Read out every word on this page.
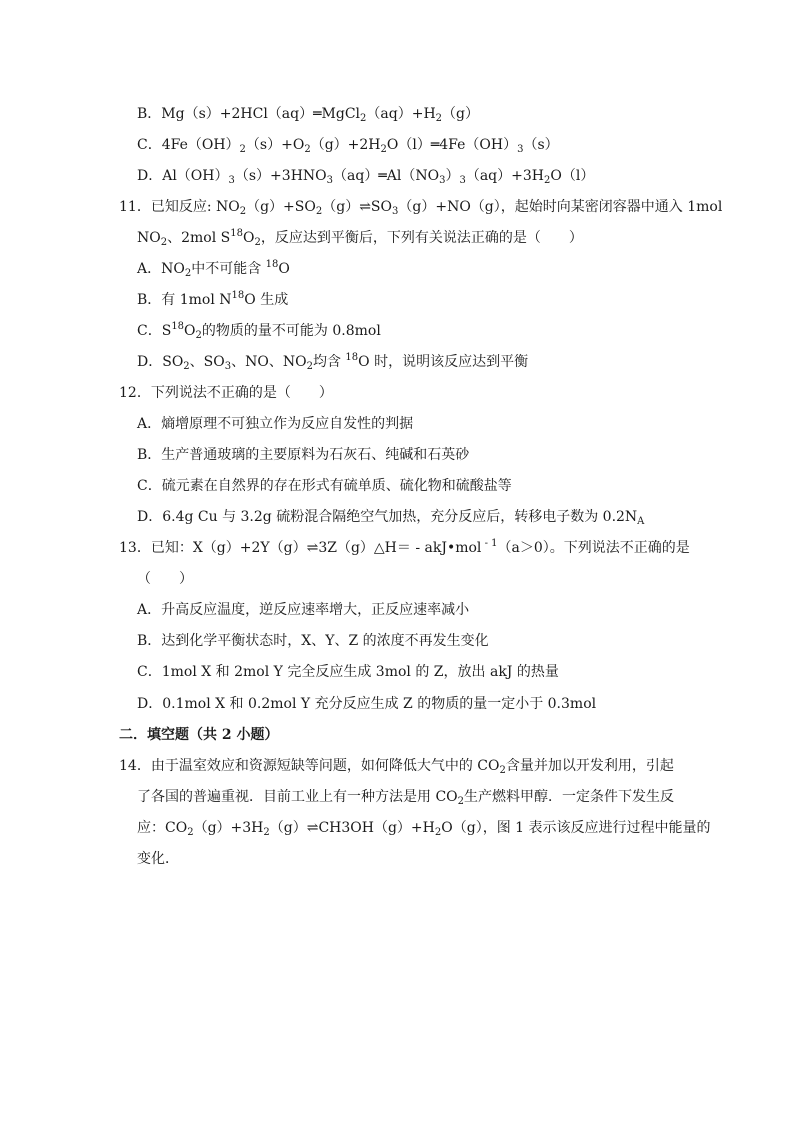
B．$Mg(s)+2HCl(aq)═MgCl_2(aq)+H_2(g)$
C．$4Fe(OH)_2(s)+O_2(g)+2H_2O(l)═4Fe(OH)_3(s)$
D．$Al(OH)_3(s)+3HNO_3(aq)═Al(NO_3)_3(aq)+3H_2O(l)$
11．已知反应: $NO_2(g)+SO_2(g)\rightleftharpoons SO_3(g)+NO(g)$，起始时向某密闭容器中通入 1mol
$NO_2$、2mol $S^{18}O_2$，反应达到平衡后，下列有关说法正确的是（　　）
A．$NO_2$中不可能含 $^{18}$O
B．有 1mol $N^{18}O$ 生成
C．$S^{18}O_2$的物质的量不可能为 0.8mol
D．$SO_2$、$SO_3$、NO、$NO_2$均含 $^{18}$O 时，说明该反应达到平衡
12．下列说法不正确的是（　　）
A．熵增原理不可独立作为反应自发性的判据
B．生产普通玻璃的主要原料为石灰石、纯碱和石英砂
C．硫元素在自然界的存在形式有硫单质、硫化物和硫酸盐等
D．6.4g Cu 与 3.2g 硫粉混合隔绝空气加热，充分反应后，转移电子数为 $0.2N_A$
13．已知：X（g）+2Y（g）⇌3Z（g）△H＝ - akJ•mol $^{- 1}$（a＞0）。下列说法不正确的是
（　　）
A．升高反应温度，逆反应速率增大，正反应速率减小
B．达到化学平衡状态时，X、Y、Z 的浓度不再发生变化
C．1mol X 和 2mol Y 完全反应生成 3mol 的 Z，放出 akJ 的热量
D．0.1mol X 和 0.2mol Y 充分反应生成 Z 的物质的量一定小于 0.3mol
二．填空题（共 2 小题）
14．由于温室效应和资源短缺等问题，如何降低大气中的 $CO_2$含量并加以开发利用，引起
了各国的普遍重视．目前工业上有一种方法是用 $CO_2$生产燃料甲醇．一定条件下发生反
应：$CO_2(g)+3H_2(g)\rightleftharpoons CH3OH(g)+H_2O(g)$，图 1 表示该反应进行过程中能量的
变化．
